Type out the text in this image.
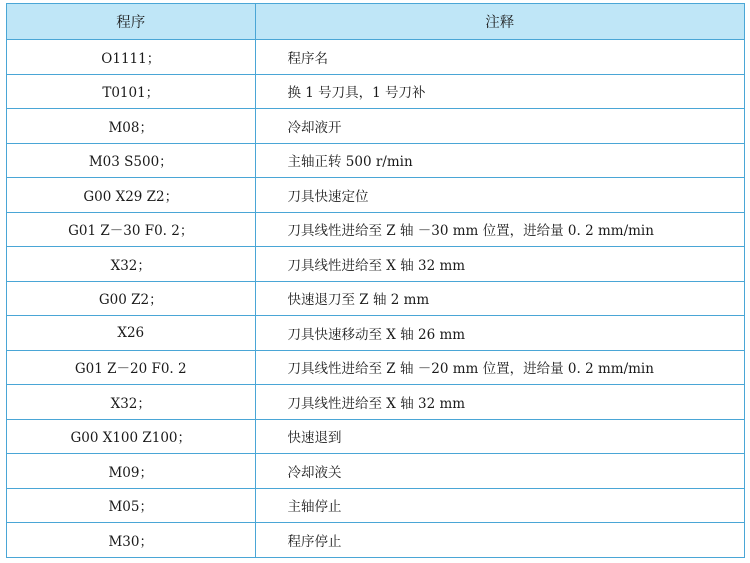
程序	注释
O1111；	程序名
T0101；	换 1 号刀具，1 号刀补
M08；	冷却液开
M03 S500；	主轴正转 500 r/min
G00 X29 Z2；	刀具快速定位
G01 Z－30 F0. 2；	刀具线性进给至 Z 轴 －30 mm 位置，进给量 0. 2 mm/min
X32；	刀具线性进给至 X 轴 32 mm
G00 Z2；	快速退刀至 Z 轴 2 mm
X26	刀具快速移动至 X 轴 26 mm
G01 Z－20 F0. 2	刀具线性进给至 Z 轴 －20 mm 位置，进给量 0. 2 mm/min
X32；	刀具线性进给至 X 轴 32 mm
G00 X100 Z100；	快速退到
M09；	冷却液关
M05；	主轴停止
M30；	程序停止
